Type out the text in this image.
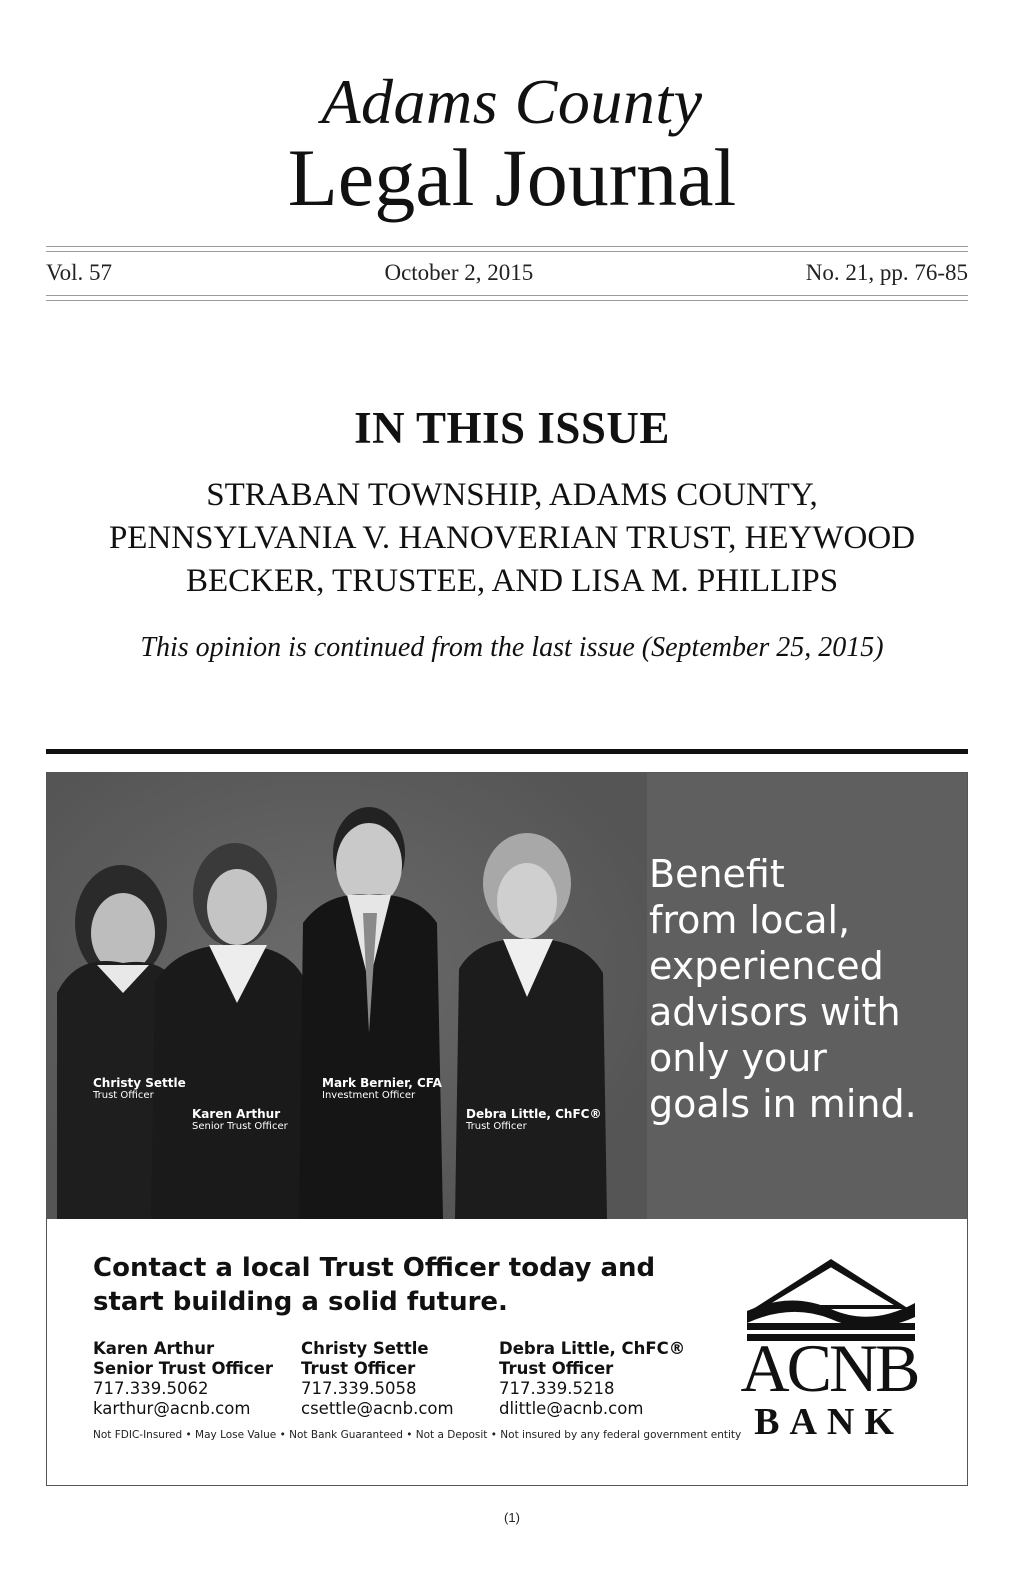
Adams County
Legal Journal
Vol. 57	October 2, 2015	No. 21, pp. 76-85
IN THIS ISSUE
STRABAN TOWNSHIP, ADAMS COUNTY,
PENNSYLVANIA V. HANOVERIAN TRUST, HEYWOOD
BECKER, TRUSTEE, AND LISA M. PHILLIPS
This opinion is continued from the last issue (September 25, 2015)
Christy Settle
Trust Officer
Karen Arthur
Senior Trust Officer
Mark Bernier, CFA
Investment Officer
Debra Little, ChFC®
Trust Officer
Benefit
from local,
experienced
advisors with
only your
goals in mind.
Contact a local Trust Officer today and
start building a solid future.
Karen Arthur
Senior Trust Officer
717.339.5062
karthur@acnb.com
Christy Settle
Trust Officer
717.339.5058
csettle@acnb.com
Debra Little, ChFC®
Trust Officer
717.339.5218
dlittle@acnb.com
Not FDIC-Insured • May Lose Value • Not Bank Guaranteed • Not a Deposit • Not insured by any federal government entity
ACNB
BANK
(1)
